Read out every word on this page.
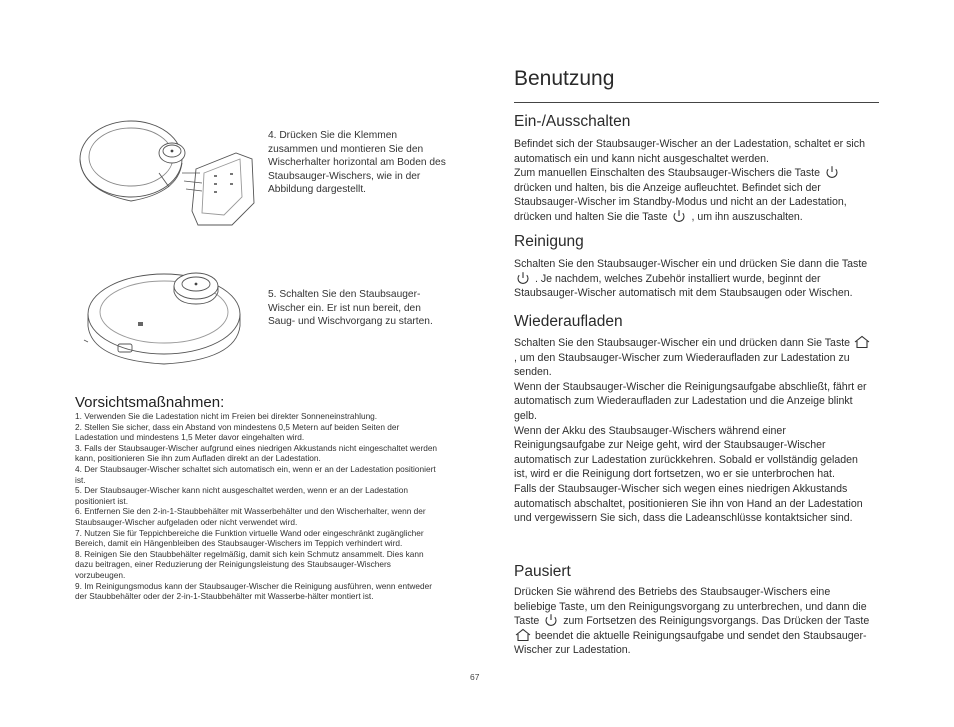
4. Drücken Sie die Klemmen zusammen und montieren Sie den Wischerhalter horizontal am Boden des Staubsauger-Wischers, wie in der Abbildung dargestellt.
5. Schalten Sie den Staubsauger-Wischer ein. Er ist nun bereit, den Saug- und Wischvorgang zu starten.
Vorsichtsmaßnahmen:
1. Verwenden Sie die Ladestation nicht im Freien bei direkter Sonneneinstrahlung.
2. Stellen Sie sicher, dass ein Abstand von mindestens 0,5 Metern auf beiden Seiten der Ladestation und mindestens 1,5 Meter davor eingehalten wird.
3. Falls der Staubsauger-Wischer aufgrund eines niedrigen Akkustands nicht eingeschaltet werden kann, positionieren Sie ihn zum Aufladen direkt an der Ladestation.
4. Der Staubsauger-Wischer schaltet sich automatisch ein, wenn er an der Ladestation positioniert ist.
5. Der Staubsauger-Wischer kann nicht ausgeschaltet werden, wenn er an der Ladestation positioniert ist.
6. Entfernen Sie den 2-in-1-Staubbehälter mit Wasserbehälter und den Wischerhalter, wenn der Staubsauger-Wischer aufgeladen oder nicht verwendet wird.
7. Nutzen Sie für Teppichbereiche die Funktion virtuelle Wand oder eingeschränkt zugänglicher Bereich, damit ein Hängenbleiben des Staubsauger-Wischers im Teppich verhindert wird.
8. Reinigen Sie den Staubbehälter regelmäßig, damit sich kein Schmutz ansammelt. Dies kann dazu beitragen, einer Reduzierung der Reinigungsleistung des Staubsauger-Wischers vorzubeugen.
9. Im Reinigungsmodus kann der Staubsauger-Wischer die Reinigung ausführen, wenn entweder der Staubbehälter oder der 2-in-1-Staubbehälter mit Wasserbe-hälter montiert ist.
Benutzung
Ein-/Ausschalten
Befindet sich der Staubsauger-Wischer an der Ladestation, schaltet er sich automatisch ein und kann nicht ausgeschaltet werden.
Zum manuellen Einschalten des Staubsauger-Wischers die Taste
drücken und halten, bis die Anzeige aufleuchtet. Befindet sich der Staubsauger-Wischer im Standby-Modus und nicht an der Ladestation, drücken und halten Sie die Taste , um ihn auszuschalten.
Reinigung
Schalten Sie den Staubsauger-Wischer ein und drücken Sie dann die Taste
. Je nachdem, welches Zubehör installiert wurde, beginnt der Staubsauger-Wischer automatisch mit dem Staubsaugen oder Wischen.
Wiederaufladen
Schalten Sie den Staubsauger-Wischer ein und drücken dann Sie Taste
, um den Staubsauger-Wischer zum Wiederaufladen zur Ladestation zu senden.
Wenn der Staubsauger-Wischer die Reinigungsaufgabe abschließt, fährt er automatisch zum Wiederaufladen zur Ladestation und die Anzeige blinkt gelb.
Wenn der Akku des Staubsauger-Wischers während einer Reinigungsaufgabe zur Neige geht, wird der Staubsauger-Wischer automatisch zur Ladestation zurückkehren. Sobald er vollständig geladen ist, wird er die Reinigung dort fortsetzen, wo er sie unterbrochen hat.
Falls der Staubsauger-Wischer sich wegen eines niedrigen Akkustands automatisch abschaltet, positionieren Sie ihn von Hand an der Ladestation und vergewissern Sie sich, dass die Ladeanschlüsse kontaktsicher sind.
Pausiert
Drücken Sie während des Betriebs des Staubsauger-Wischers eine beliebige Taste, um den Reinigungsvorgang zu unterbrechen, und dann die Taste zum Fortsetzen des Reinigungsvorgangs. Das Drücken der Taste
beendet die aktuelle Reinigungsaufgabe und sendet den Staubsauger-Wischer zur Ladestation.
67
